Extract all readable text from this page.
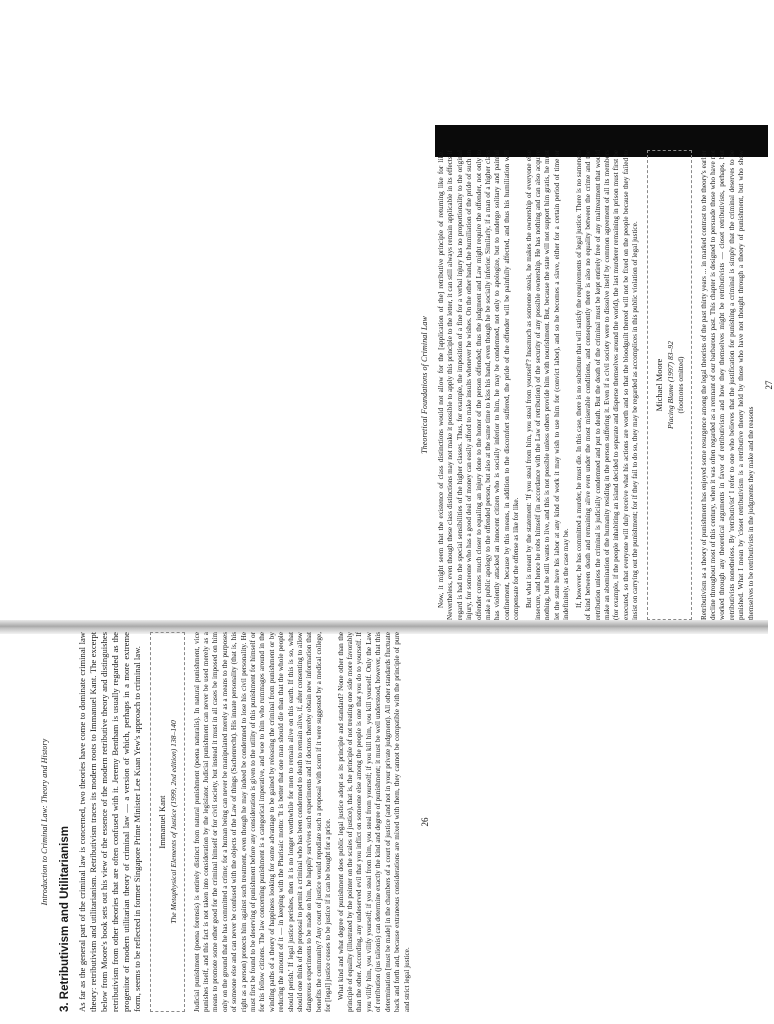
Introduction to Criminal Law: Theory and History
3. Retributivism and Utilitarianism As far as the general part of the criminal law is concerned, two theories have come to dominate criminal law theory: retributivism and utilitarianism. Retributivism traces its modern roots to Immanuel Kant. The excerpt below from Moore's book sets out his view of the essence of the modern retributive theory and distinguishes retributivism from other theories that are often confused with it. Jeremy Bentham is usually regarded as the progenitor of modern utilitarian theory of criminal law — a version of which, perhaps in a more extreme form, seems to be reflected in former Singapore Prime Minister Lee Kuan Yew's approach to criminal law. Immanuel Kant The Metaphysical Elements of Justice (1999, 2nd edition) 138–140 Judicial punishment (poena forensis) is entirely distinct from natural punishment (poena naturalis). In natural punishment, vice punishes itself, and this fact is not taken into consideration by the legislator. Judicial punishment can never be used merely as a means to promote some other good for the criminal himself or for civil society, but instead it must in all cases be imposed on him only on the ground that he has committed a crime; for a human being can never be manipulated merely as a means to the purposes of someone else and can never be confused with the objects of the Law of things (Sachenrecht). His innate personality (that is, his right as a person) protects him against such treatment, even though he may indeed be condemned to lose his civil personality. He must first be found to be deserving of punishment before any consideration is given to the utility of this punishment for himself or for his fellow citizens. The law concerning punishment is a categorical imperative, and woe to him who rummages around in the winding paths of a theory of happiness looking for some advantage to be gained by releasing the criminal from punishment or by reducing the amount of it — in keeping with the Pharisaic motto: 'It is better that one man should die than that the whole people should perish.' If legal justice perishes, then it is no longer worthwhile for men to remain alive on this earth. If this is so, what should one think of the proposal to permit a criminal who has been condemned to death to remain alive, if, after consenting to allow dangerous experiments to be made on him, he happily survives such experiments and if doctors thereby obtain new information that benefits the community? Any court of justice would repudiate such a proposal with scorn if it were suggested by a medical college, for [legal] justice ceases to be justice if it can be bought for a price. What kind and what degree of punishment does public legal justice adopt as its principle and standard? None other than the principle of equality (illustrated by the pointer on the scales of justice), that is, the principle of not treating one side more favorably than the other. According, any undeserved evil that you inflict on someone else among the people is one that you do to yourself. If you vilify him, you vilify yourself; if you steal from him, you steal from yourself; if you kill him, you kill yourself. Only the Law of retribution (jus talionis) can determine exactly the kind and degree of punishment; it must be well understood, however, that this determination [must be made] in the chambers of a court of justice (and not in your private judgment). All other standards fluctuate back and forth and, because extraneous considerations are mixed with them, they cannot be compatible with the principle of pure and strict legal justice.

26
Theoretical Foundations of Criminal Law Now, it might seem that the existence of class distinctions would not allow for the [application of the] retributive principle of returning like for like. Nevertheless, even though these class distinctions may not make it possible to apply this principle to the letter, it can still always remain applicable in its effects if regard is had to the special sensibilities of the higher classes. Thus, for example, the imposition of a fine for a verbal injury has no proportionality to the original injury, for someone who has a good deal of money can easily afford to make insults whenever he wishes. On the other hand, the humiliation of the pride of such an offender comes much closer to equaling an injury done to the honor of the person offended; thus the judgment and Law might require the offender, not only to make a public apology to the offended person, but also at the same time to kiss his hand, even though he be socially inferior. Similarly, if a man of a higher class has violently attacked an innocent citizen who is socially inferior to him, he may be condemned, not only to apologize, but to undergo solitary and painful confinement, because by this means, in addition to the discomfort suffered, the pride of the offender will be painfully affected, and thus his humiliation will compensate for the offense as like for like. But what is meant by the statement: 'If you steal from him, you steal from yourself'? Inasmuch as someone steals, he makes the ownership of everyone else insecure, and hence he robs himself (in accordance with the Law of retribution) of the security of any possible ownership. He has nothing and can also acquire nothing, but he still wants to live, and this is not possible unless others provide him with nourishment. But, because the state will not support him gratis, he must let the state have his labor at any kind of work it may wish to use him for (convict labor), and so he becomes a slave, either for a certain period of time or indefinitely, as the case may be. If, however, he has committed a murder, he must die. In this case, there is no substitute that will satisfy the requirements of legal justice. There is no sameness of kind between death and remaining alive even under the most miserable conditions, and consequently there is also no equality between the crime and the retribution unless the criminal is judicially condemned and put to death. But the death of the criminal must be kept entirely free of any maltreatment that would make an abomination of the humanity residing in the person suffering it. Even if a civil society were to dissolve itself by common agreement of all its members (for example, if the people inhabiting an island decided to separate and disperse themselves around the world), the last murderer remaining in prison must first be executed, so that everyone will duly receive what his actions are worth and so that the bloodguilt thereof will not be fixed on the people because they failed to insist on carrying out the punishment; for if they fail to do so, they may be regarded as accomplices in this public violation of legal justice. Michael Moore Placing Blame (1997) 83–92 (footnotes omitted) Retributivism as a theory of punishment has enjoyed some resurgence among the legal theorists of the past thirty years ... in marked contrast to the theory's earlier decline throughout most of this century, when it was often regarded as a remnant of our barbarous past. This chapter is designed to persuade those who have not worked through any theoretical arguments in favor of retributivism and how they themselves might be retributivists — closet retributivists, perhaps, but retributivists nonetheless. By 'retributivist' I refer to one who believes that the justification for punishing a criminal is simply that the criminal deserves to be punished. What I mean by 'closet retributivism is a retributive theory held by those who have not thought through a theory of punishment, but who show themselves to be retributivists in the judgments they make and the reasons

27
